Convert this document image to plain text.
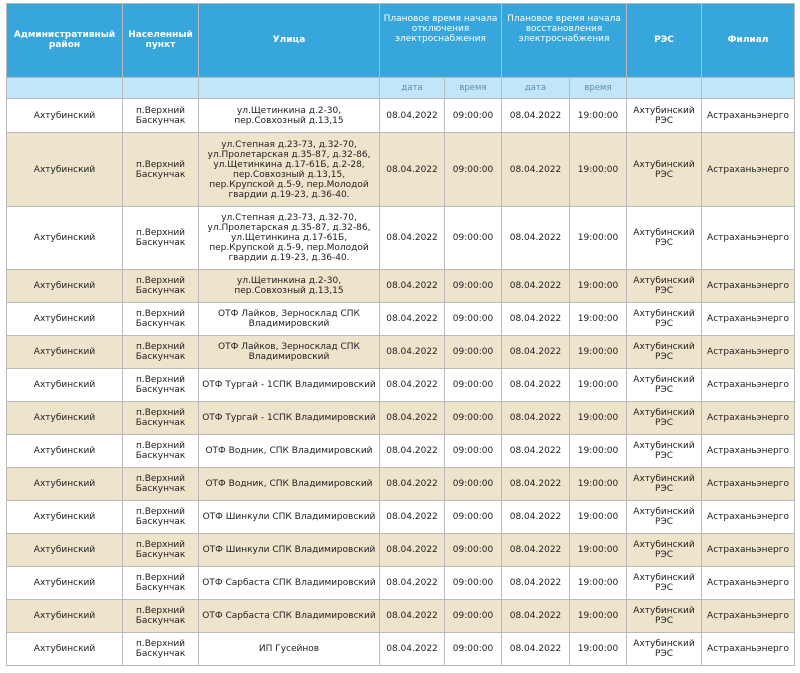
Административный район	Населенный пункт	Улица	Плановое время начала отключения электроснабжения		Плановое время начала восстановления электроснабжения		РЭС	Филиал
			дата	время	дата	время		
Ахтубинский	п.Верхний Баскунчак	ул.Щетинкина д.2-30, пер.Совхозный д.13,15	08.04.2022	09:00:00	08.04.2022	19:00:00	Ахтубинский РЭС	Астраханьэнерго
Ахтубинский	п.Верхний Баскунчак	ул.Степная д.23-73, д.32-70, ул.Пролетарская д.35-87, д.32-86, ул.Щетинкина д.17-61Б, д.2-28, пер.Совхозный д.13,15, пер.Крупской д.5-9, пер.Молодой гвардии д.19-23, д.36-40.	08.04.2022	09:00:00	08.04.2022	19:00:00	Ахтубинский РЭС	Астраханьэнерго
Ахтубинский	п.Верхний Баскунчак	ул.Степная д.23-73, д.32-70, ул.Пролетарская д.35-87, д.32-86, ул.Щетинкина д.17-61Б, пер.Крупской д.5-9, пер.Молодой гвардии д.19-23, д.36-40.	08.04.2022	09:00:00	08.04.2022	19:00:00	Ахтубинский РЭС	Астраханьэнерго
Ахтубинский	п.Верхний Баскунчак	ул.Щетинкина д.2-30, пер.Совхозный д.13,15	08.04.2022	09:00:00	08.04.2022	19:00:00	Ахтубинский РЭС	Астраханьэнерго
Ахтубинский	п.Верхний Баскунчак	ОТФ Лайков, Зерносклад СПК Владимировский	08.04.2022	09:00:00	08.04.2022	19:00:00	Ахтубинский РЭС	Астраханьэнерго
Ахтубинский	п.Верхний Баскунчак	ОТФ Лайков, Зерносклад СПК Владимировский	08.04.2022	09:00:00	08.04.2022	19:00:00	Ахтубинский РЭС	Астраханьэнерго
Ахтубинский	п.Верхний Баскунчак	ОТФ Тургай - 1СПК Владимировский	08.04.2022	09:00:00	08.04.2022	19:00:00	Ахтубинский РЭС	Астраханьэнерго
Ахтубинский	п.Верхний Баскунчак	ОТФ Тургай - 1СПК Владимировский	08.04.2022	09:00:00	08.04.2022	19:00:00	Ахтубинский РЭС	Астраханьэнерго
Ахтубинский	п.Верхний Баскунчак	ОТФ Водник, СПК Владимировский	08.04.2022	09:00:00	08.04.2022	19:00:00	Ахтубинский РЭС	Астраханьэнерго
Ахтубинский	п.Верхний Баскунчак	ОТФ Водник, СПК Владимировский	08.04.2022	09:00:00	08.04.2022	19:00:00	Ахтубинский РЭС	Астраханьэнерго
Ахтубинский	п.Верхний Баскунчак	ОТФ Шинкули СПК Владимировский	08.04.2022	09:00:00	08.04.2022	19:00:00	Ахтубинский РЭС	Астраханьэнерго
Ахтубинский	п.Верхний Баскунчак	ОТФ Шинкули СПК Владимировский	08.04.2022	09:00:00	08.04.2022	19:00:00	Ахтубинский РЭС	Астраханьэнерго
Ахтубинский	п.Верхний Баскунчак	ОТФ Сарбаста СПК Владимировский	08.04.2022	09:00:00	08.04.2022	19:00:00	Ахтубинский РЭС	Астраханьэнерго
Ахтубинский	п.Верхний Баскунчак	ОТФ Сарбаста СПК Владимировский	08.04.2022	09:00:00	08.04.2022	19:00:00	Ахтубинский РЭС	Астраханьэнерго
Ахтубинский	п.Верхний Баскунчак	ИП Гусейнов	08.04.2022	09:00:00	08.04.2022	19:00:00	Ахтубинский РЭС	Астраханьэнерго
